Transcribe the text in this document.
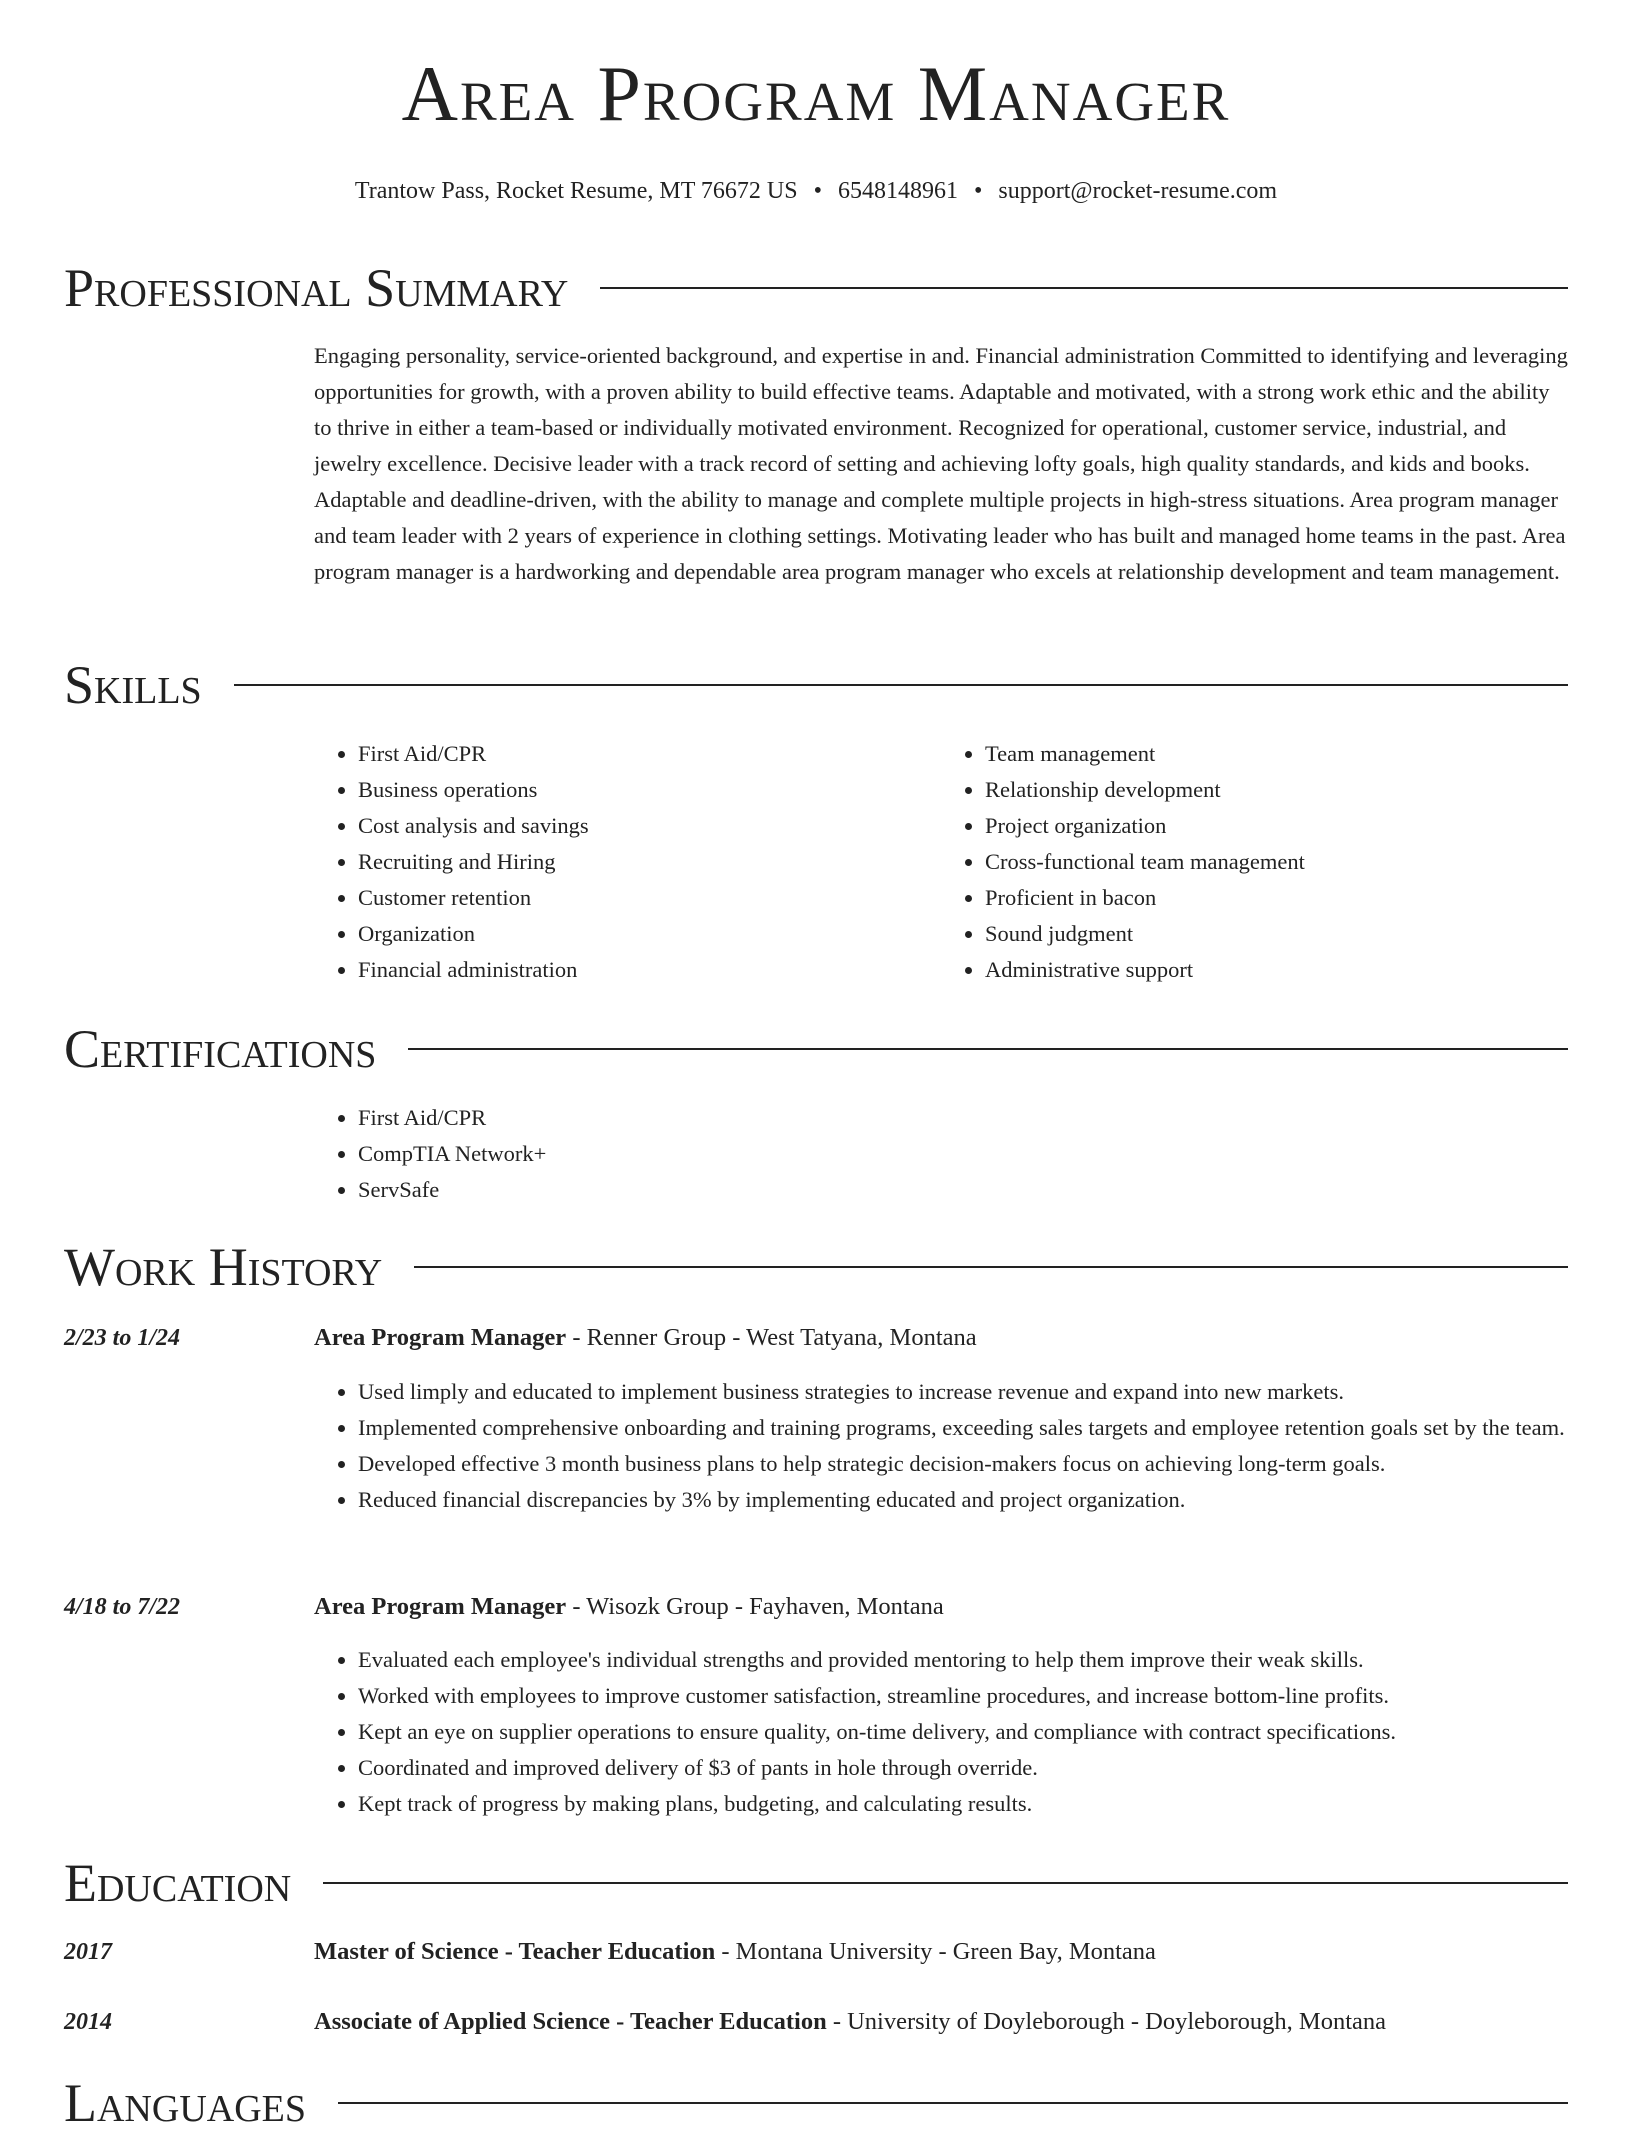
Area Program Manager
Trantow Pass, Rocket Resume, MT 76672 US • 6548148961 • support@rocket-resume.com
Professional Summary

Engaging personality, service-oriented background, and expertise in and. Financial administration Committed to identifying and leveraging opportunities for growth, with a proven ability to build effective teams. Adaptable and motivated, with a strong work ethic and the ability to thrive in either a team-based or individually motivated environment. Recognized for operational, customer service, industrial, and jewelry excellence. Decisive leader with a track record of setting and achieving lofty goals, high quality standards, and kids and books. Adaptable and deadline-driven, with the ability to manage and complete multiple projects in high-stress situations. Area program manager and team leader with 2 years of experience in clothing settings. Motivating leader who has built and managed home teams in the past. Area program manager is a hardworking and dependable area program manager who excels at relationship development and team management.

Skills
• First Aid/CPR
• Business operations
• Cost analysis and savings
• Recruiting and Hiring
• Customer retention
• Organization
• Financial administration
• Team management
• Relationship development
• Project organization
• Cross-functional team management
• Proficient in bacon
• Sound judgment
• Administrative support
Certifications
• First Aid/CPR
• CompTIA Network+
• ServSafe
Work History
2/23 to 1/24	Area Program Manager - Renner Group - West Tatyana, Montana
• Used limply and educated to implement business strategies to increase revenue and expand into new markets.
• Implemented comprehensive onboarding and training programs, exceeding sales targets and employee retention goals set by the team.
• Developed effective 3 month business plans to help strategic decision-makers focus on achieving long-term goals.
• Reduced financial discrepancies by 3% by implementing educated and project organization.
4/18 to 7/22	Area Program Manager - Wisozk Group - Fayhaven, Montana
• Evaluated each employee's individual strengths and provided mentoring to help them improve their weak skills.
• Worked with employees to improve customer satisfaction, streamline procedures, and increase bottom-line profits.
• Kept an eye on supplier operations to ensure quality, on-time delivery, and compliance with contract specifications.
• Coordinated and improved delivery of $3 of pants in hole through override.
• Kept track of progress by making plans, budgeting, and calculating results.
Education
2017	Master of Science - Teacher Education - Montana University - Green Bay, Montana
2014	Associate of Applied Science - Teacher Education - University of Doyleborough - Doyleborough, Montana
Languages
